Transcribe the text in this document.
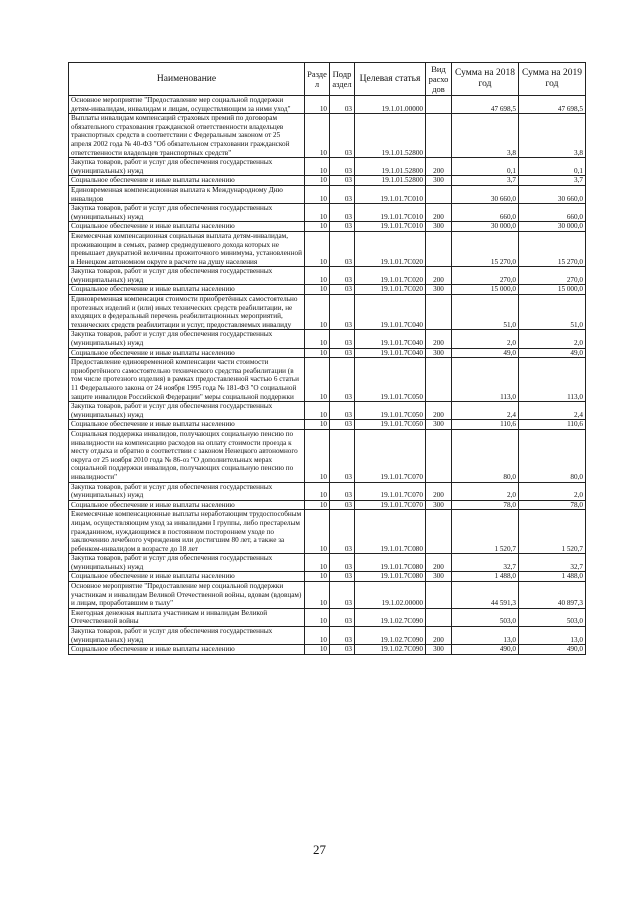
Наименование	Разде л	Подр аздел	Целевая статья	Вид расхо дов	Сумма на 2018 год	Сумма на 2019 год
Основное мероприятие "Предоставление мер социальной поддержки детям-инвалидам, инвалидам и лицам, осуществляющим за ними уход"	10	03	19.1.01.00000		47 698,5	47 698,5
Выплаты инвалидам компенсаций страховых премий по договорам обязательного страхования гражданской ответственности владельцев транспортных средств в соответствии с Федеральным законом от 25 апреля 2002 года № 40-ФЗ "Об обязательном страховании гражданской ответственности владельцев транспортных средств"	10	03	19.1.01.52800		3,8	3,8
Закупка товаров, работ и услуг для обеспечения государственных (муниципальных) нужд	10	03	19.1.01.52800	200	0,1	0,1
Социальное обеспечение и иные выплаты населению	10	03	19.1.01.52800	300	3,7	3,7
Единовременная компенсационная выплата к Международному Дню инвалидов	10	03	19.1.01.7С010		30 660,0	30 660,0
Закупка товаров, работ и услуг для обеспечения государственных (муниципальных) нужд	10	03	19.1.01.7С010	200	660,0	660,0
Социальное обеспечение и иные выплаты населению	10	03	19.1.01.7С010	300	30 000,0	30 000,0
Ежемесячная компенсационная социальная выплата детям-инвалидам, проживающим в семьях, размер среднедушевого дохода которых не превышает двукратной величины прожиточного минимума, установленной в Ненецком автономном округе в расчете на душу населения	10	03	19.1.01.7С020		15 270,0	15 270,0
Закупка товаров, работ и услуг для обеспечения государственных (муниципальных) нужд	10	03	19.1.01.7С020	200	270,0	270,0
Социальное обеспечение и иные выплаты населению	10	03	19.1.01.7С020	300	15 000,0	15 000,0
Единовременная компенсация стоимости приобретённых самостоятельно протезных изделий и (или) иных технических средств реабилитации, не входящих в федеральный перечень реабилитационных мероприятий, технических средств реабилитации и услуг, предоставляемых инвалиду	10	03	19.1.01.7С040		51,0	51,0
Закупка товаров, работ и услуг для обеспечения государственных (муниципальных) нужд	10	03	19.1.01.7С040	200	2,0	2,0
Социальное обеспечение и иные выплаты населению	10	03	19.1.01.7С040	300	49,0	49,0
Предоставление единовременной компенсации части стоимости приобретённого самостоятельно технического средства реабилитации (в том числе протезного изделия) в рамках предоставленной частью 6 статьи 11 Федерального закона от 24 ноября 1995 года № 181-ФЗ "О социальной защите инвалидов Российской Федерации" меры социальной поддержки	10	03	19.1.01.7С050		113,0	113,0
Закупка товаров, работ и услуг для обеспечения государственных (муниципальных) нужд	10	03	19.1.01.7С050	200	2,4	2,4
Социальное обеспечение и иные выплаты населению	10	03	19.1.01.7С050	300	110,6	110,6
Социальная поддержка инвалидов, получающих социальную пенсию по инвалидности на компенсацию расходов на оплату стоимости проезда к месту отдыха и обратно в соответствии с законом Ненецкого автономного округа от 25 ноября 2010 года № 86-оз "О дополнительных мерах социальной поддержки инвалидов, получающих социальную пенсию по инвалидности"	10	03	19.1.01.7С070		80,0	80,0
Закупка товаров, работ и услуг для обеспечения государственных (муниципальных) нужд	10	03	19.1.01.7С070	200	2,0	2,0
Социальное обеспечение и иные выплаты населению	10	03	19.1.01.7С070	300	78,0	78,0
Ежемесячные компенсационные выплаты неработающим трудоспособным лицам, осуществляющим уход за инвалидами I группы, либо престарелым гражданином, нуждающимся в постоянном постороннем уходе по заключению лечебного учреждения или достигшим 80 лет, а также за ребенком-инвалидом в возрасте до 18 лет	10	03	19.1.01.7С080		1 520,7	1 520,7
Закупка товаров, работ и услуг для обеспечения государственных (муниципальных) нужд	10	03	19.1.01.7С080	200	32,7	32,7
Социальное обеспечение и иные выплаты населению	10	03	19.1.01.7С080	300	1 488,0	1 488,0
Основное мероприятие "Предоставление мер социальной поддержки участникам и инвалидам Великой Отечественной войны, вдовам (вдовцам) и лицам, проработавшим в тылу"	10	03	19.1.02.00000		44 591,3	40 897,3
Ежегодная денежная выплата участникам и инвалидам Великой Отечественной войны	10	03	19.1.02.7С090		503,0	503,0
Закупка товаров, работ и услуг для обеспечения государственных (муниципальных) нужд	10	03	19.1.02.7С090	200	13,0	13,0
Социальное обеспечение и иные выплаты населению	10	03	19.1.02.7С090	300	490,0	490,0
27
